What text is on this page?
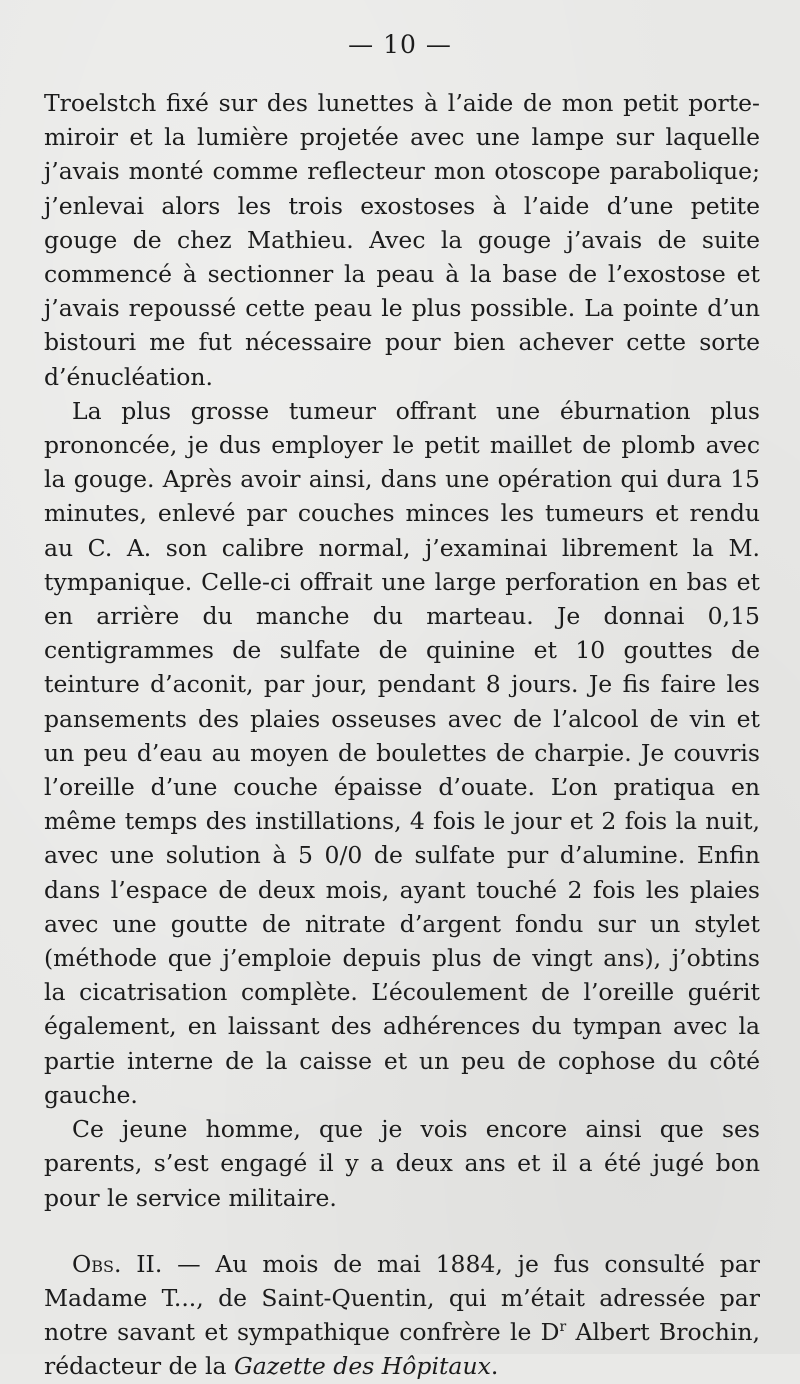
— 10 —

Troelstch fixé sur des lunettes à l’aide de mon petit porte-miroir et la lumière projetée avec une lampe sur laquelle j’avais monté comme reflecteur mon otoscope parabolique; j’enlevai alors les trois exostoses à l’aide d’une petite gouge de chez Mathieu. Avec la gouge j’avais de suite commencé à sectionner la peau à la base de l’exostose et j’avais repoussé cette peau le plus possible. La pointe d’un bistouri me fut nécessaire pour bien achever cette sorte d’énucléation.

La plus grosse tumeur offrant une éburnation plus prononcée, je dus employer le petit maillet de plomb avec la gouge. Après avoir ainsi, dans une opération qui dura 15 minutes, enlevé par couches minces les tumeurs et rendu au C. A. son calibre normal, j’examinai librement la M. tympanique. Celle-ci offrait une large perforation en bas et en arrière du manche du marteau. Je donnai 0,15 centigrammes de sulfate de quinine et 10 gouttes de teinture d’aconit, par jour, pendant 8 jours. Je fis faire les pansements des plaies osseuses avec de l’alcool de vin et un peu d’eau au moyen de boulettes de charpie. Je couvris l’oreille d’une couche épaisse d’ouate. L’on pratiqua en même temps des instillations, 4 fois le jour et 2 fois la nuit, avec une solution à 5 0/0 de sulfate pur d’alumine. Enfin dans l’espace de deux mois, ayant touché 2 fois les plaies avec une goutte de nitrate d’argent fondu sur un stylet (méthode que j’emploie depuis plus de vingt ans), j’obtins la cicatrisation complète. L’écoulement de l’oreille guérit également, en laissant des adhérences du tympan avec la partie interne de la caisse et un peu de cophose du côté gauche.

Ce jeune homme, que je vois encore ainsi que ses parents, s’est engagé il y a deux ans et il a été jugé bon pour le service militaire.

Obs. II. — Au mois de mai 1884, je fus consulté par Madame T..., de Saint-Quentin, qui m’était adressée par notre savant et sympathique confrère le $D^r$ Albert Brochin, rédacteur de la Gazette des Hôpitaux.
